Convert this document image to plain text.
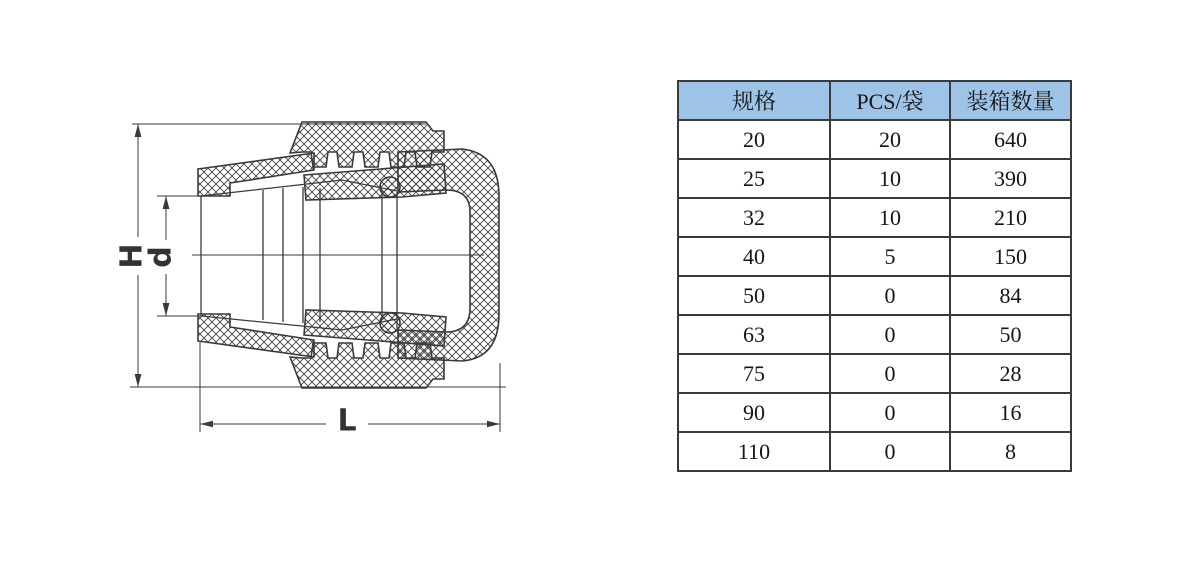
H
d
L
规格	PCS/袋	装箱数量
20	20	640
25	10	390
32	10	210
40	5	150
50	0	84
63	0	50
75	0	28
90	0	16
110	0	8
